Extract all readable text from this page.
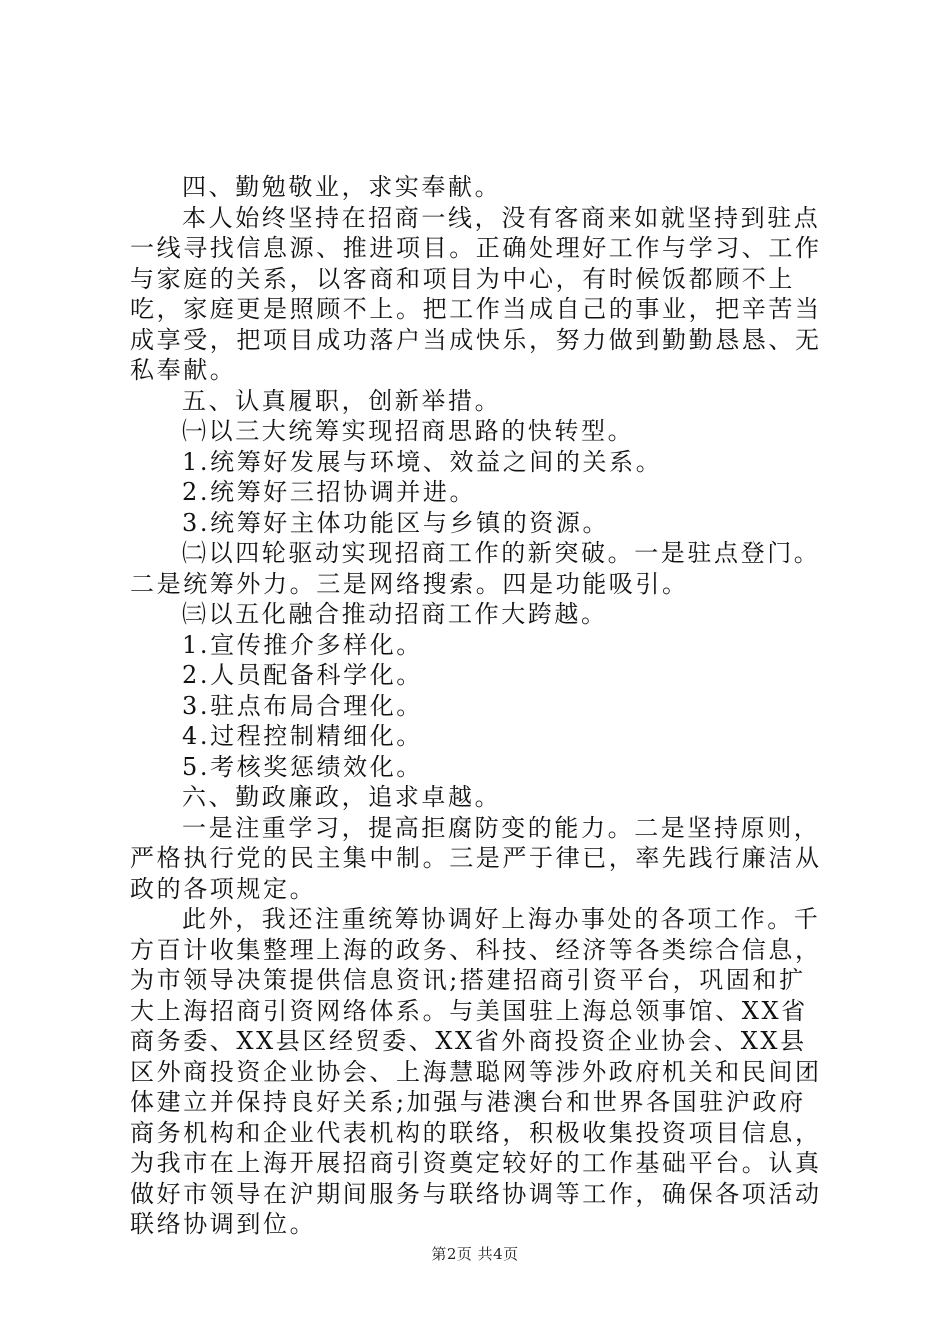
四、勤勉敬业，求实奉献。

本人始终坚持在招商一线，没有客商来如就坚持到驻点一线寻找信息源、推进项目。正确处理好工作与学习、工作与家庭的关系，以客商和项目为中心，有时候饭都顾不上吃，家庭更是照顾不上。把工作当成自己的事业，把辛苦当成享受，把项目成功落户当成快乐，努力做到勤勤恳恳、无私奉献。

五、认真履职，创新举措。

㈠以三大统筹实现招商思路的快转型。

1.统筹好发展与环境、效益之间的关系。

2.统筹好三招协调并进。

3.统筹好主体功能区与乡镇的资源。

㈡以四轮驱动实现招商工作的新突破。一是驻点登门。二是统筹外力。三是网络搜索。四是功能吸引。

㈢以五化融合推动招商工作大跨越。

1.宣传推介多样化。

2.人员配备科学化。

3.驻点布局合理化。

4.过程控制精细化。

5.考核奖惩绩效化。

六、勤政廉政，追求卓越。

一是注重学习，提高拒腐防变的能力。二是坚持原则，严格执行党的民主集中制。三是严于律已，率先践行廉洁从政的各项规定。

此外，我还注重统筹协调好上海办事处的各项工作。千方百计收集整理上海的政务、科技、经济等各类综合信息，为市领导决策提供信息资讯;搭建招商引资平台，巩固和扩大上海招商引资网络体系。与美国驻上海总领事馆、XX省商务委、XX县区经贸委、XX省外商投资企业协会、XX县区外商投资企业协会、上海慧聪网等涉外政府机关和民间团体建立并保持良好关系;加强与港澳台和世界各国驻沪政府商务机构和企业代表机构的联络，积极收集投资项目信息，为我市在上海开展招商引资奠定较好的工作基础平台。认真做好市领导在沪期间服务与联络协调等工作，确保各项活动联络协调到位。

第2页 共4页
